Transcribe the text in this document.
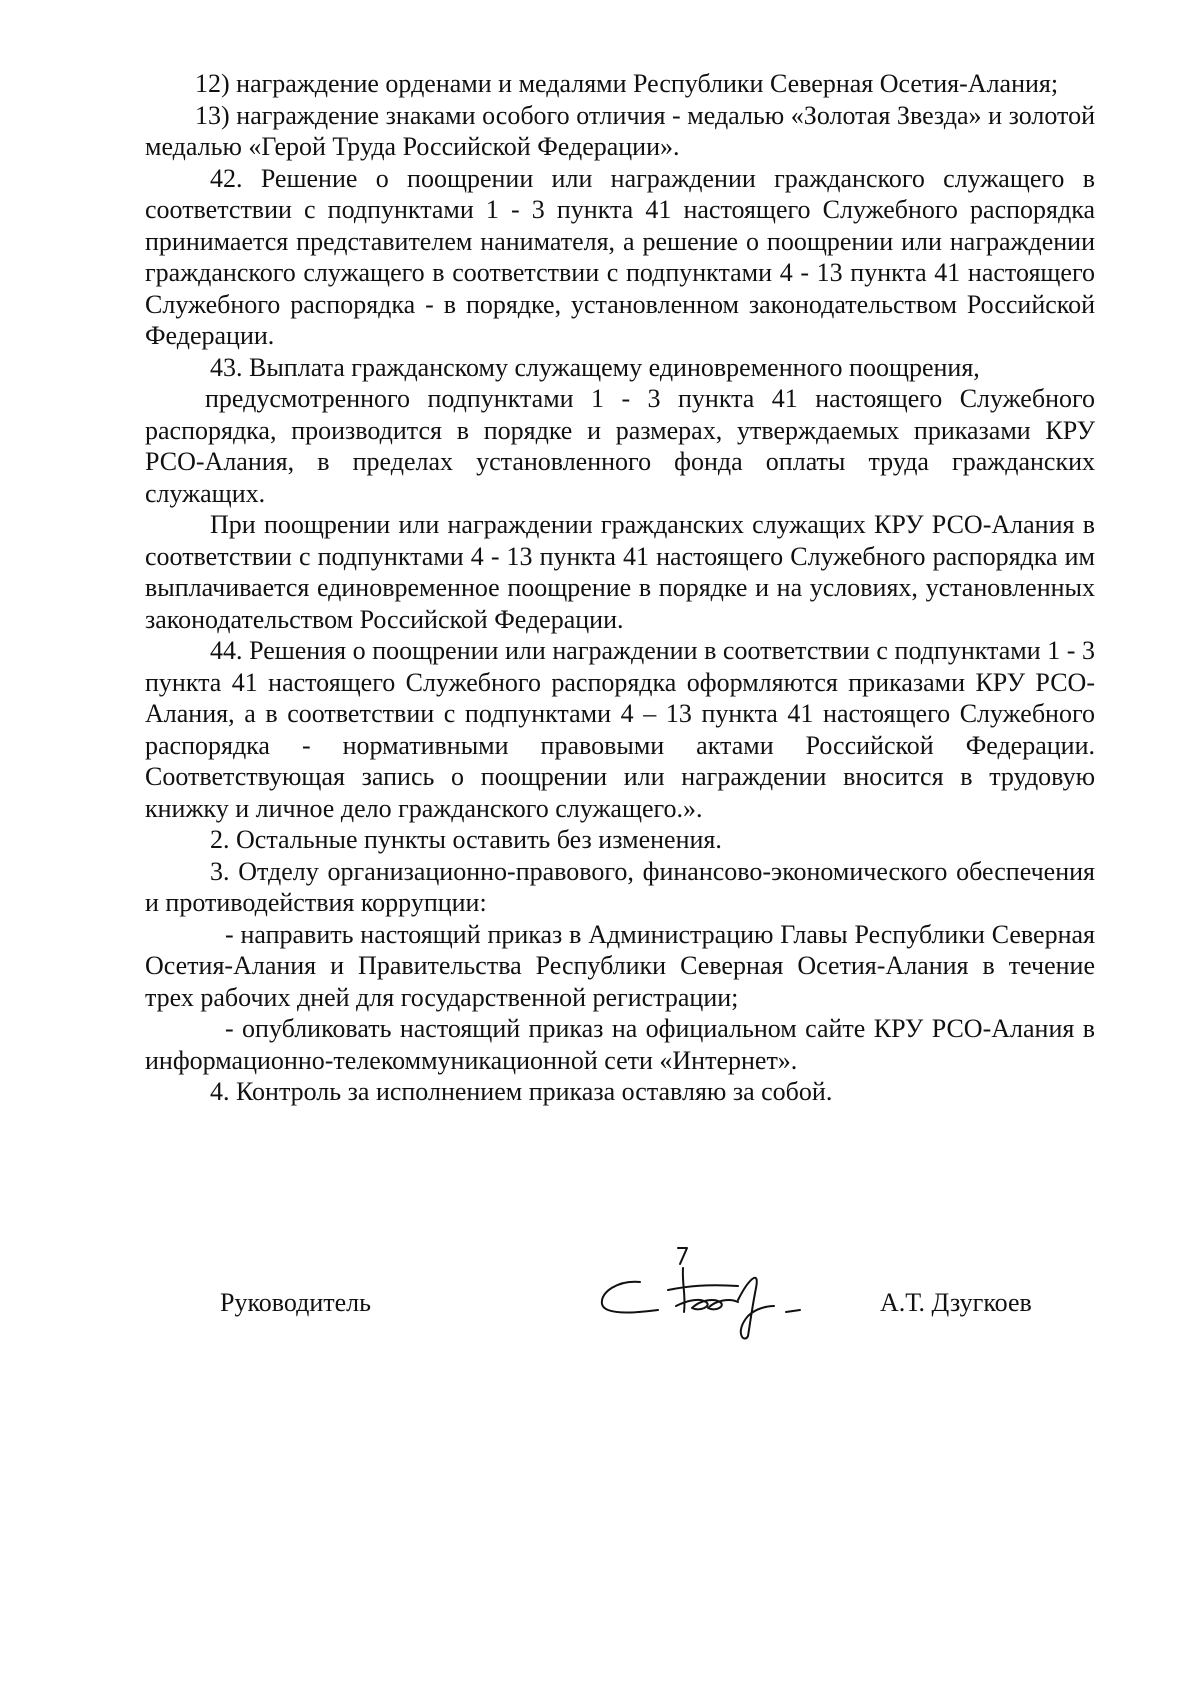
12) награждение орденами и медалями Республики Северная Осетия-Алания;

13) награждение знаками особого отличия - медалью «Золотая Звезда» и золотой медалью «Герой Труда Российской Федерации».

42. Решение о поощрении или награждении гражданского служащего в соответствии с подпунктами 1 - 3 пункта 41 настоящего Служебного распорядка принимается представителем нанимателя, а решение о поощрении или награждении гражданского служащего в соответствии с подпунктами 4 - 13 пункта 41 настоящего Служебного распорядка - в порядке, установленном законодательством Российской Федерации.

43. Выплата гражданскому служащему единовременного поощрения,

предусмотренного подпунктами 1 - 3 пункта 41 настоящего Служебного распорядка, производится в порядке и размерах, утверждаемых приказами КРУ РСО-Алания, в пределах установленного фонда оплаты труда гражданских служащих.

При поощрении или награждении гражданских служащих КРУ РСО-Алания в соответствии с подпунктами 4 - 13 пункта 41 настоящего Служебного распорядка им выплачивается единовременное поощрение в порядке и на условиях, установленных законодательством Российской Федерации.

44. Решения о поощрении или награждении в соответствии с подпунктами 1 - 3 пункта 41 настоящего Служебного распорядка оформляются приказами КРУ РСО-Алания, а в соответствии с подпунктами 4 – 13 пункта 41 настоящего Служебного распорядка - нормативными правовыми актами Российской Федерации. Соответствующая запись о поощрении или награждении вносится в трудовую книжку и личное дело гражданского служащего.».

2. Остальные пункты оставить без изменения.

3. Отделу организационно-правового, финансово-экономического обеспечения и противодействия коррупции:

- направить настоящий приказ в Администрацию Главы Республики Северная Осетия-Алания и Правительства Республики Северная Осетия-Алания в течение трех рабочих дней для государственной регистрации;

- опубликовать настоящий приказ на официальном сайте КРУ РСО-Алания в информационно-телекоммуникационной сети «Интернет».

4. Контроль за исполнением приказа оставляю за собой.

Руководитель	А.Т. Дзугкоев
